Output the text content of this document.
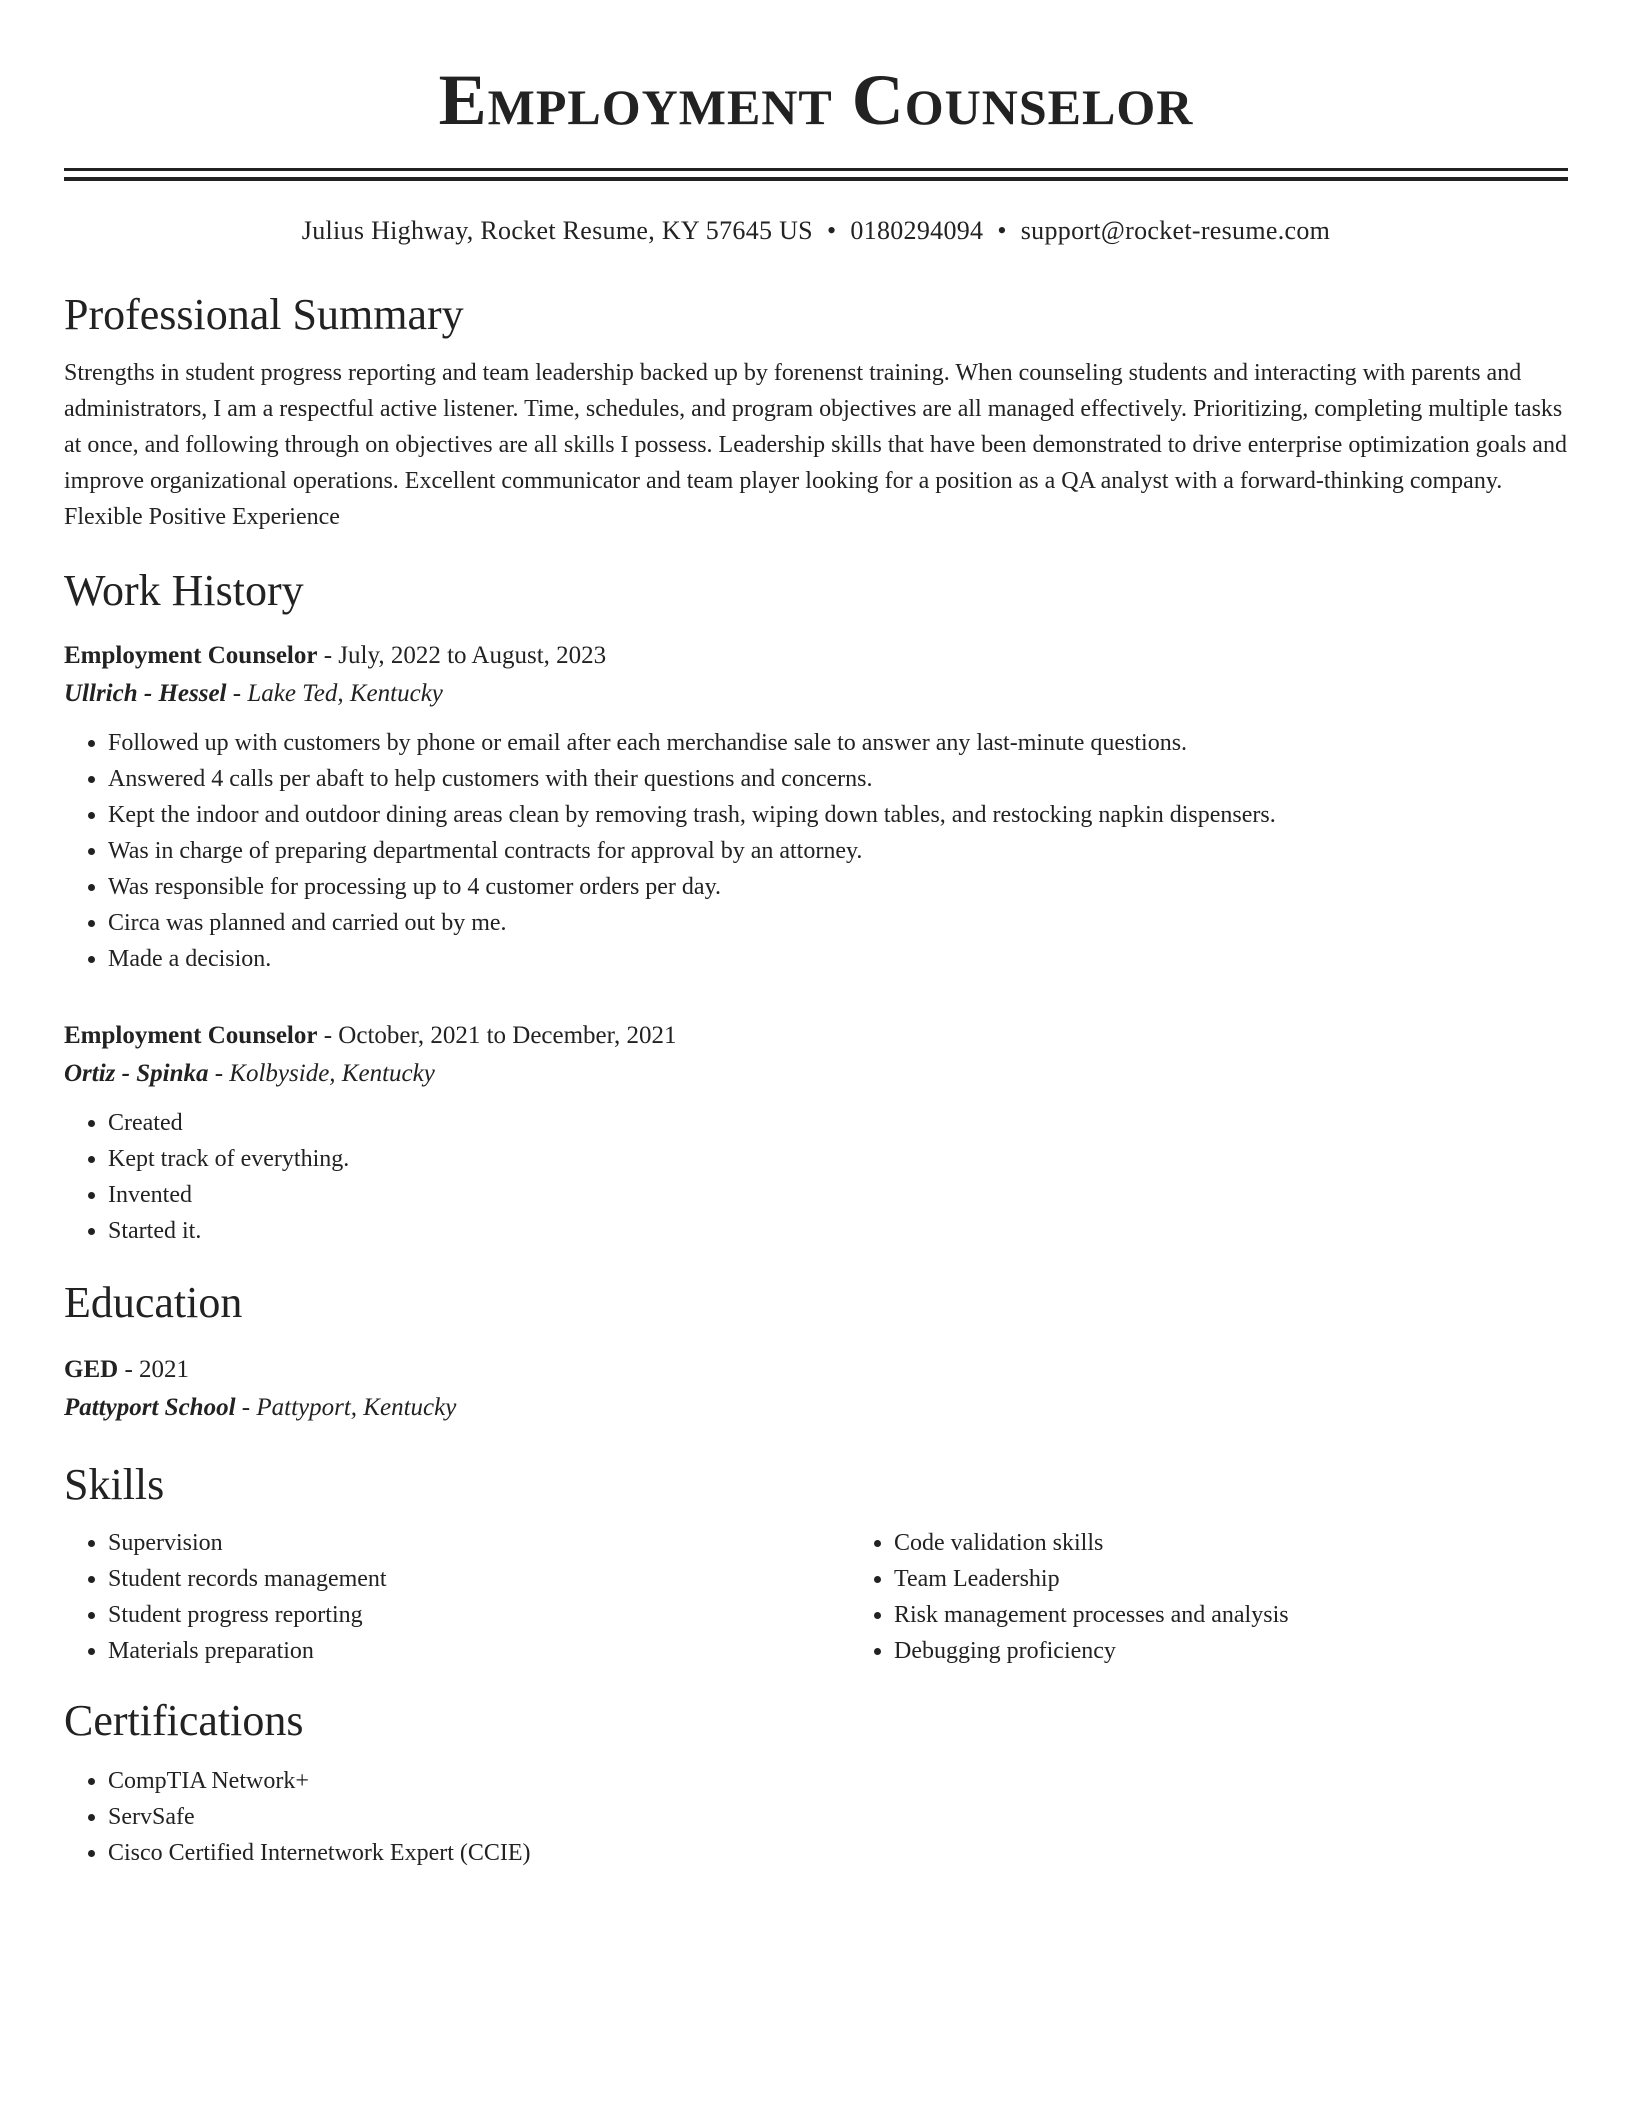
Employment Counselor
Julius Highway, Rocket Resume, KY 57645 US • 0180294094 • support@rocket-resume.com
Professional Summary
Strengths in student progress reporting and team leadership backed up by forenenst training. When counseling students and interacting with parents and administrators, I am a respectful active listener. Time, schedules, and program objectives are all managed effectively. Prioritizing, completing multiple tasks at once, and following through on objectives are all skills I possess. Leadership skills that have been demonstrated to drive enterprise optimization goals and improve organizational operations. Excellent communicator and team player looking for a position as a QA analyst with a forward-thinking company. Flexible Positive Experience
Work History
Employment Counselor - July, 2022 to August, 2023
Ullrich - Hessel - Lake Ted, Kentucky
• Followed up with customers by phone or email after each merchandise sale to answer any last-minute questions.
• Answered 4 calls per abaft to help customers with their questions and concerns.
• Kept the indoor and outdoor dining areas clean by removing trash, wiping down tables, and restocking napkin dispensers.
• Was in charge of preparing departmental contracts for approval by an attorney.
• Was responsible for processing up to 4 customer orders per day.
• Circa was planned and carried out by me.
• Made a decision.
Employment Counselor - October, 2021 to December, 2021
Ortiz - Spinka - Kolbyside, Kentucky
• Created
• Kept track of everything.
• Invented
• Started it.
Education
GED - 2021
Pattyport School - Pattyport, Kentucky
Skills
• Supervision
• Student records management
• Student progress reporting
• Materials preparation
• Code validation skills
• Team Leadership
• Risk management processes and analysis
• Debugging proficiency
Certifications
• CompTIA Network+
• ServSafe
• Cisco Certified Internetwork Expert (CCIE)
